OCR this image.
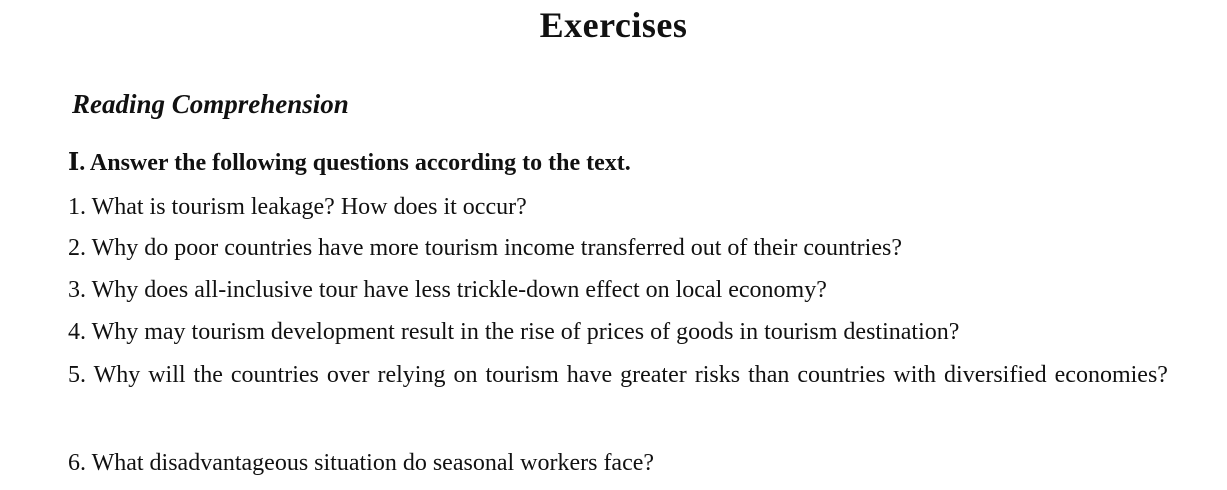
Exercises
Reading Comprehension
Ⅰ. Answer the following questions according to the text.
1. What is tourism leakage? How does it occur?
2. Why do poor countries have more tourism income transferred out of their countries?
3. Why does all-inclusive tour have less trickle-down effect on local economy?
4. Why may tourism development result in the rise of prices of goods in tourism destination?
5. Why will the countries over relying on tourism have greater risks than countries with diversified economies?
6. What disadvantageous situation do seasonal workers face?
